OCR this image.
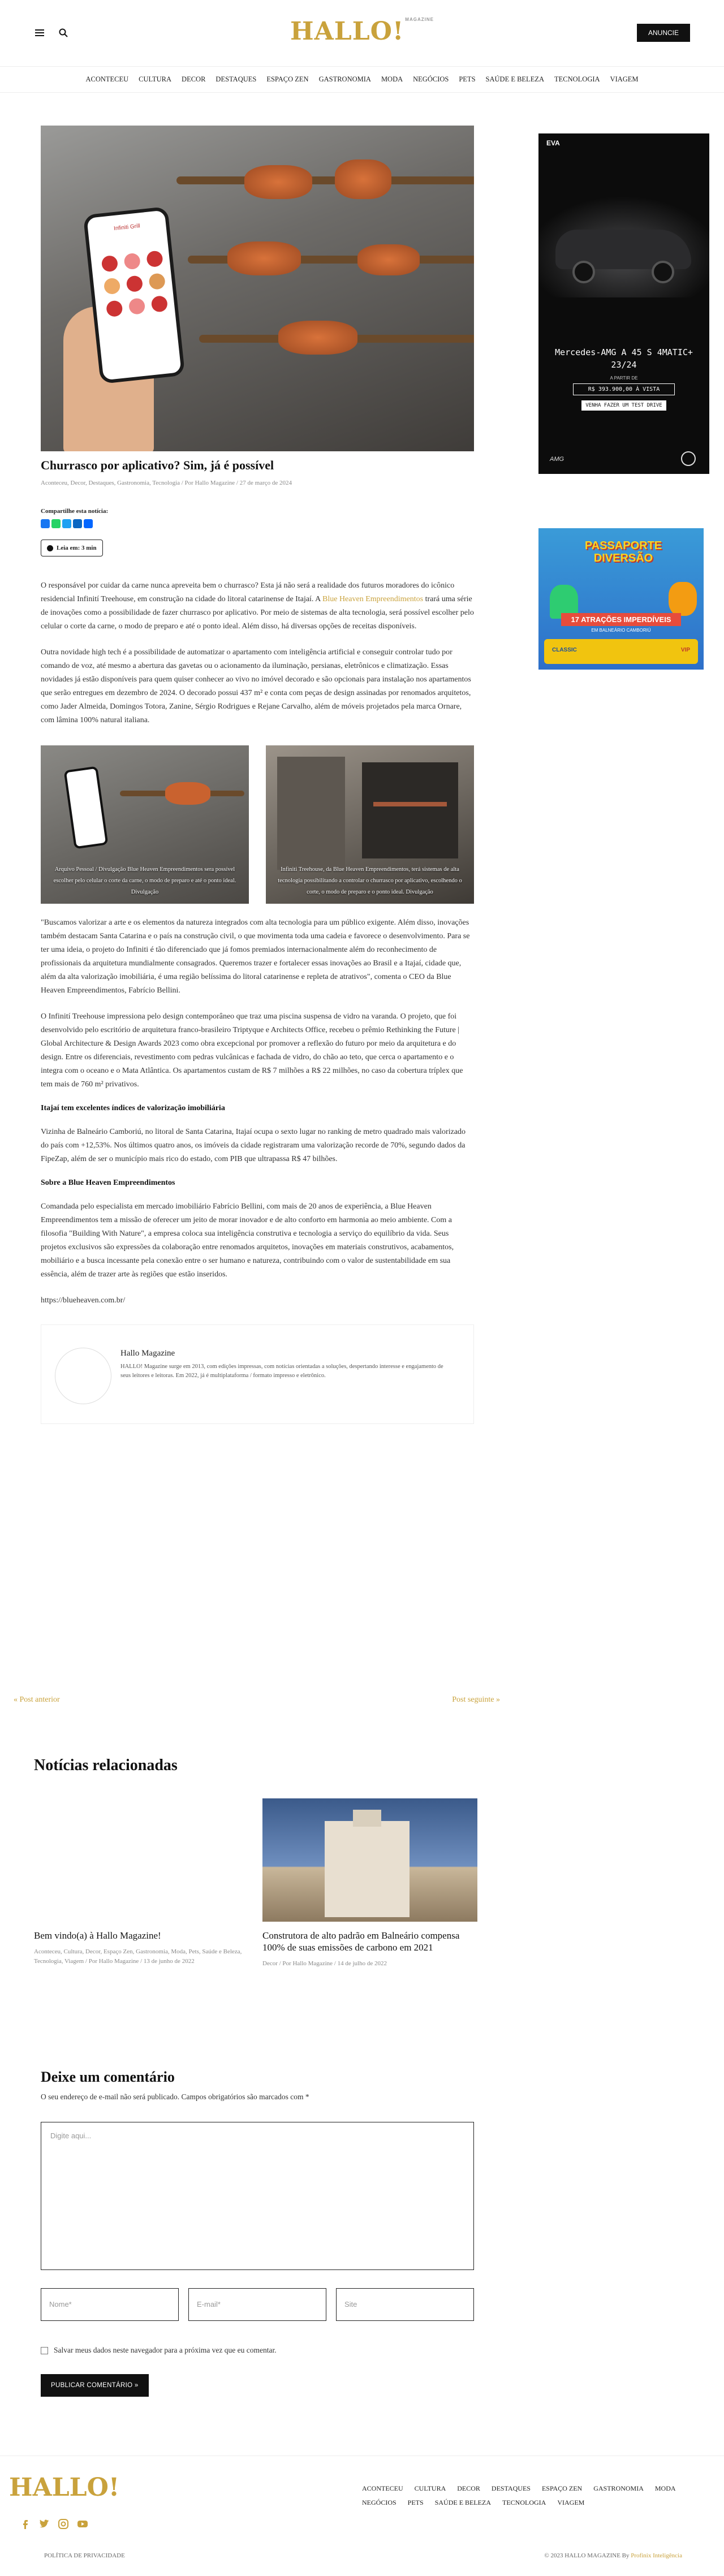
HALLO! $^{MAGAZINE}$
ANUNCIE
ACONTECEU CULTURA DECOR DESTAQUES ESPAÇO ZEN GASTRONOMIA MODA NEGÓCIOS PETS SAÚDE E BELEZA TECNOLOGIA VIAGEM
Infiniti Grill
Churrasco por aplicativo? Sim, já é possível
Aconteceu, Decor, Destaques, Gastronomia, Tecnologia / Por Hallo Magazine / 27 de março de 2024
Compartilhe esta notícia:
Leia em: 3 min

O responsável por cuidar da carne nunca apreveita bem o churrasco? Esta já não será a realidade dos futuros moradores do icônico residencial Infinití Treehouse, em construção na cidade do litoral catarinense de Itajaí. A Blue Heaven Empreendimentos trará uma série de inovações como a possibilidade de fazer churrasco por aplicativo. Por meio de sistemas de alta tecnologia, será possível escolher pelo celular o corte da carne, o modo de preparo e até o ponto ideal. Além disso, há diversas opções de receitas disponíveis.

Outra novidade high tech é a possibilidade de automatizar o apartamento com inteligência artificial e conseguir controlar tudo por comando de voz, até mesmo a abertura das gavetas ou o acionamento da iluminação, persianas, eletrônicos e climatização. Essas novidades já estão disponíveis para quem quiser conhecer ao vivo no imóvel decorado e são opcionais para instalação nos apartamentos que serão entregues em dezembro de 2024. O decorado possui 437 m² e conta com peças de design assinadas por renomados arquitetos, como Jader Almeida, Domingos Totora, Zanine, Sérgio Rodrigues e Rejane Carvalho, além de móveis projetados pela marca Ornare, com lâmina 100% natural italiana.

Arquivo Pessoal / Divulgação Blue Heaven Empreendimentos sera possível escolher pelo celular o corte da carne, o modo de preparo e até o ponto ideal. Divulgação
Infiniti Treehouse, da Blue Heaven Empreendimentos, terá sistemas de alta tecnologia possibilitando a controlar o churrasco por aplicativo, escolhendo o corte, o modo de preparo e o ponto ideal. Divulgação

"Buscamos valorizar a arte e os elementos da natureza integrados com alta tecnologia para um público exigente. Além disso, inovações também destacam Santa Catarina e o país na construção civil, o que movimenta toda uma cadeia e favorece o desenvolvimento. Para se ter uma ideia, o projeto do Infiniti é tão diferenciado que já fomos premiados internacionalmente além do reconhecimento de profissionais da arquitetura mundialmente consagrados. Queremos trazer e fortalecer essas inovações ao Brasil e a Itajaí, cidade que, além da alta valorização imobiliária, é uma região belíssima do litoral catarinense e repleta de atrativos", comenta o CEO da Blue Heaven Empreendimentos, Fabrício Bellini.

O Infinití Treehouse impressiona pelo design contemporâneo que traz uma piscina suspensa de vidro na varanda. O projeto, que foi desenvolvido pelo escritório de arquitetura franco-brasileiro Triptyque e Architects Office, recebeu o prêmio Rethinking the Future | Global Architecture & Design Awards 2023 como obra excepcional por promover a reflexão do futuro por meio da arquitetura e do design. Entre os diferenciais, revestimento com pedras vulcânicas e fachada de vidro, do chão ao teto, que cerca o apartamento e o integra com o oceano e o Mata Atlântica. Os apartamentos custam de R$ 7 milhões a R$ 22 milhões, no caso da cobertura tríplex que tem mais de 760 m² privativos.

Itajaí tem excelentes índices de valorização imobiliária

Vizinha de Balneário Camboriú, no litoral de Santa Catarina, Itajaí ocupa o sexto lugar no ranking de metro quadrado mais valorizado do país com +12,53%. Nos últimos quatro anos, os imóveis da cidade registraram uma valorização recorde de 70%, segundo dados da FipeZap, além de ser o município mais rico do estado, com PIB que ultrapassa R$ 47 bilhões.

Sobre a Blue Heaven Empreendimentos

Comandada pelo especialista em mercado imobiliário Fabrício Bellini, com mais de 20 anos de experiência, a Blue Heaven Empreendimentos tem a missão de oferecer um jeito de morar inovador e de alto conforto em harmonia ao meio ambiente. Com a filosofia "Building With Nature", a empresa coloca sua inteligência construtiva e tecnologia a serviço do equilíbrio da vida. Seus projetos exclusivos são expressões da colaboração entre renomados arquitetos, inovações em materiais construtivos, acabamentos, mobiliário e a busca incessante pela conexão entre o ser humano e natureza, contribuindo com o valor de sustentabilidade em sua essência, além de trazer arte às regiões que estão inseridos.

https://blueheaven.com.br/

Hallo Magazine
HALLO! Magazine surge em 2013, com edições impressas, com notícias orientadas a soluções, despertando interesse e engajamento de seus leitores e leitoras. Em 2022, já é multiplataforma / formato impresso e eletrônico.
EVA
Mercedes-AMG A 45 S 4MATIC+
23/24
A PARTIR DE
R$ 393.900,00 À VISTA
VENHA FAZER UM TEST DRIVE
AMG
PASSAPORTE DIVERSÃO
17 ATRAÇÕES IMPERDÍVEIS
EM BALNEÁRIO CAMBORIÚ
CLASSIC	VIP
« Post anterior	Post seguinte »
Notícias relacionadas
Bem vindo(a) à Hallo Magazine!
Aconteceu, Cultura, Decor, Espaço Zen, Gastronomia, Moda, Pets, Saúde e Beleza, Tecnologia, Viagem / Por Hallo Magazine / 13 de junho de 2022
Construtora de alto padrão em Balneário compensa 100% de suas emissões de carbono em 2021
Decor / Por Hallo Magazine / 14 de julho de 2022
Deixe um comentário
O seu endereço de e-mail não será publicado. Campos obrigatórios são marcados com *
Digite aqui...
Nome*	E-mail*	Site
Salvar meus dados neste navegador para a próxima vez que eu comentar.
PUBLICAR COMENTÁRIO »
HALLO!	ACONTECEU CULTURA DECOR DESTAQUES ESPAÇO ZEN GASTRONOMIA MODA
NEGÓCIOS PETS SAÚDE E BELEZA TECNOLOGIA VIAGEM
POLÍTICA DE PRIVACIDADE	© 2023 HALLO MAGAZINE By Profinix Inteligência
